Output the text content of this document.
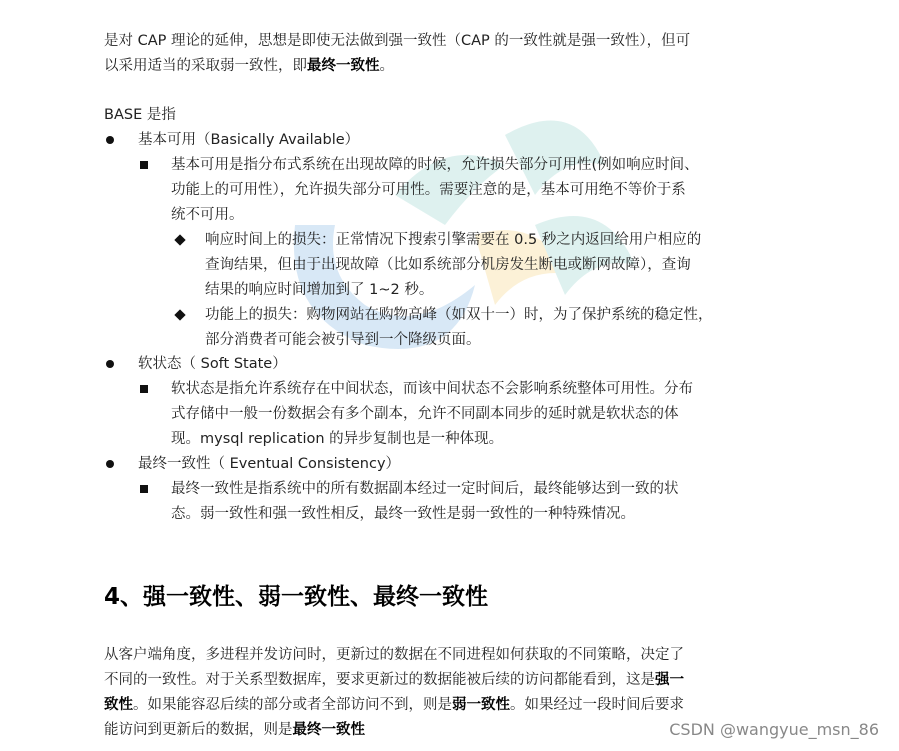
是对 CAP 理论的延伸，思想是即使无法做到强一致性（CAP 的一致性就是强一致性），但可
以采用适当的采取弱一致性，即最终一致性。
BASE 是指
基本可用（Basically Available）
基本可用是指分布式系统在出现故障的时候，允许损失部分可用性(例如响应时间、
功能上的可用性），允许损失部分可用性。需要注意的是，基本可用绝不等价于系
统不可用。
响应时间上的损失：正常情况下搜索引擎需要在 0.5 秒之内返回给用户相应的
查询结果，但由于出现故障（比如系统部分机房发生断电或断网故障），查询
结果的响应时间增加到了 1~2 秒。
功能上的损失：购物网站在购物高峰（如双十一）时，为了保护系统的稳定性，
部分消费者可能会被引导到一个降级页面。
软状态（ Soft State）
软状态是指允许系统存在中间状态，而该中间状态不会影响系统整体可用性。分布
式存储中一般一份数据会有多个副本，允许不同副本同步的延时就是软状态的体
现。mysql replication 的异步复制也是一种体现。
最终一致性（ Eventual Consistency）
最终一致性是指系统中的所有数据副本经过一定时间后，最终能够达到一致的状
态。弱一致性和强一致性相反，最终一致性是弱一致性的一种特殊情况。
4、强一致性、弱一致性、最终一致性
从客户端角度，多进程并发访问时，更新过的数据在不同进程如何获取的不同策略，决定了
不同的一致性。对于关系型数据库，要求更新过的数据能被后续的访问都能看到，这是强一
致性。如果能容忍后续的部分或者全部访问不到，则是弱一致性。如果经过一段时间后要求
能访问到更新后的数据，则是最终一致性	CSDN @wangyue_msn_86
